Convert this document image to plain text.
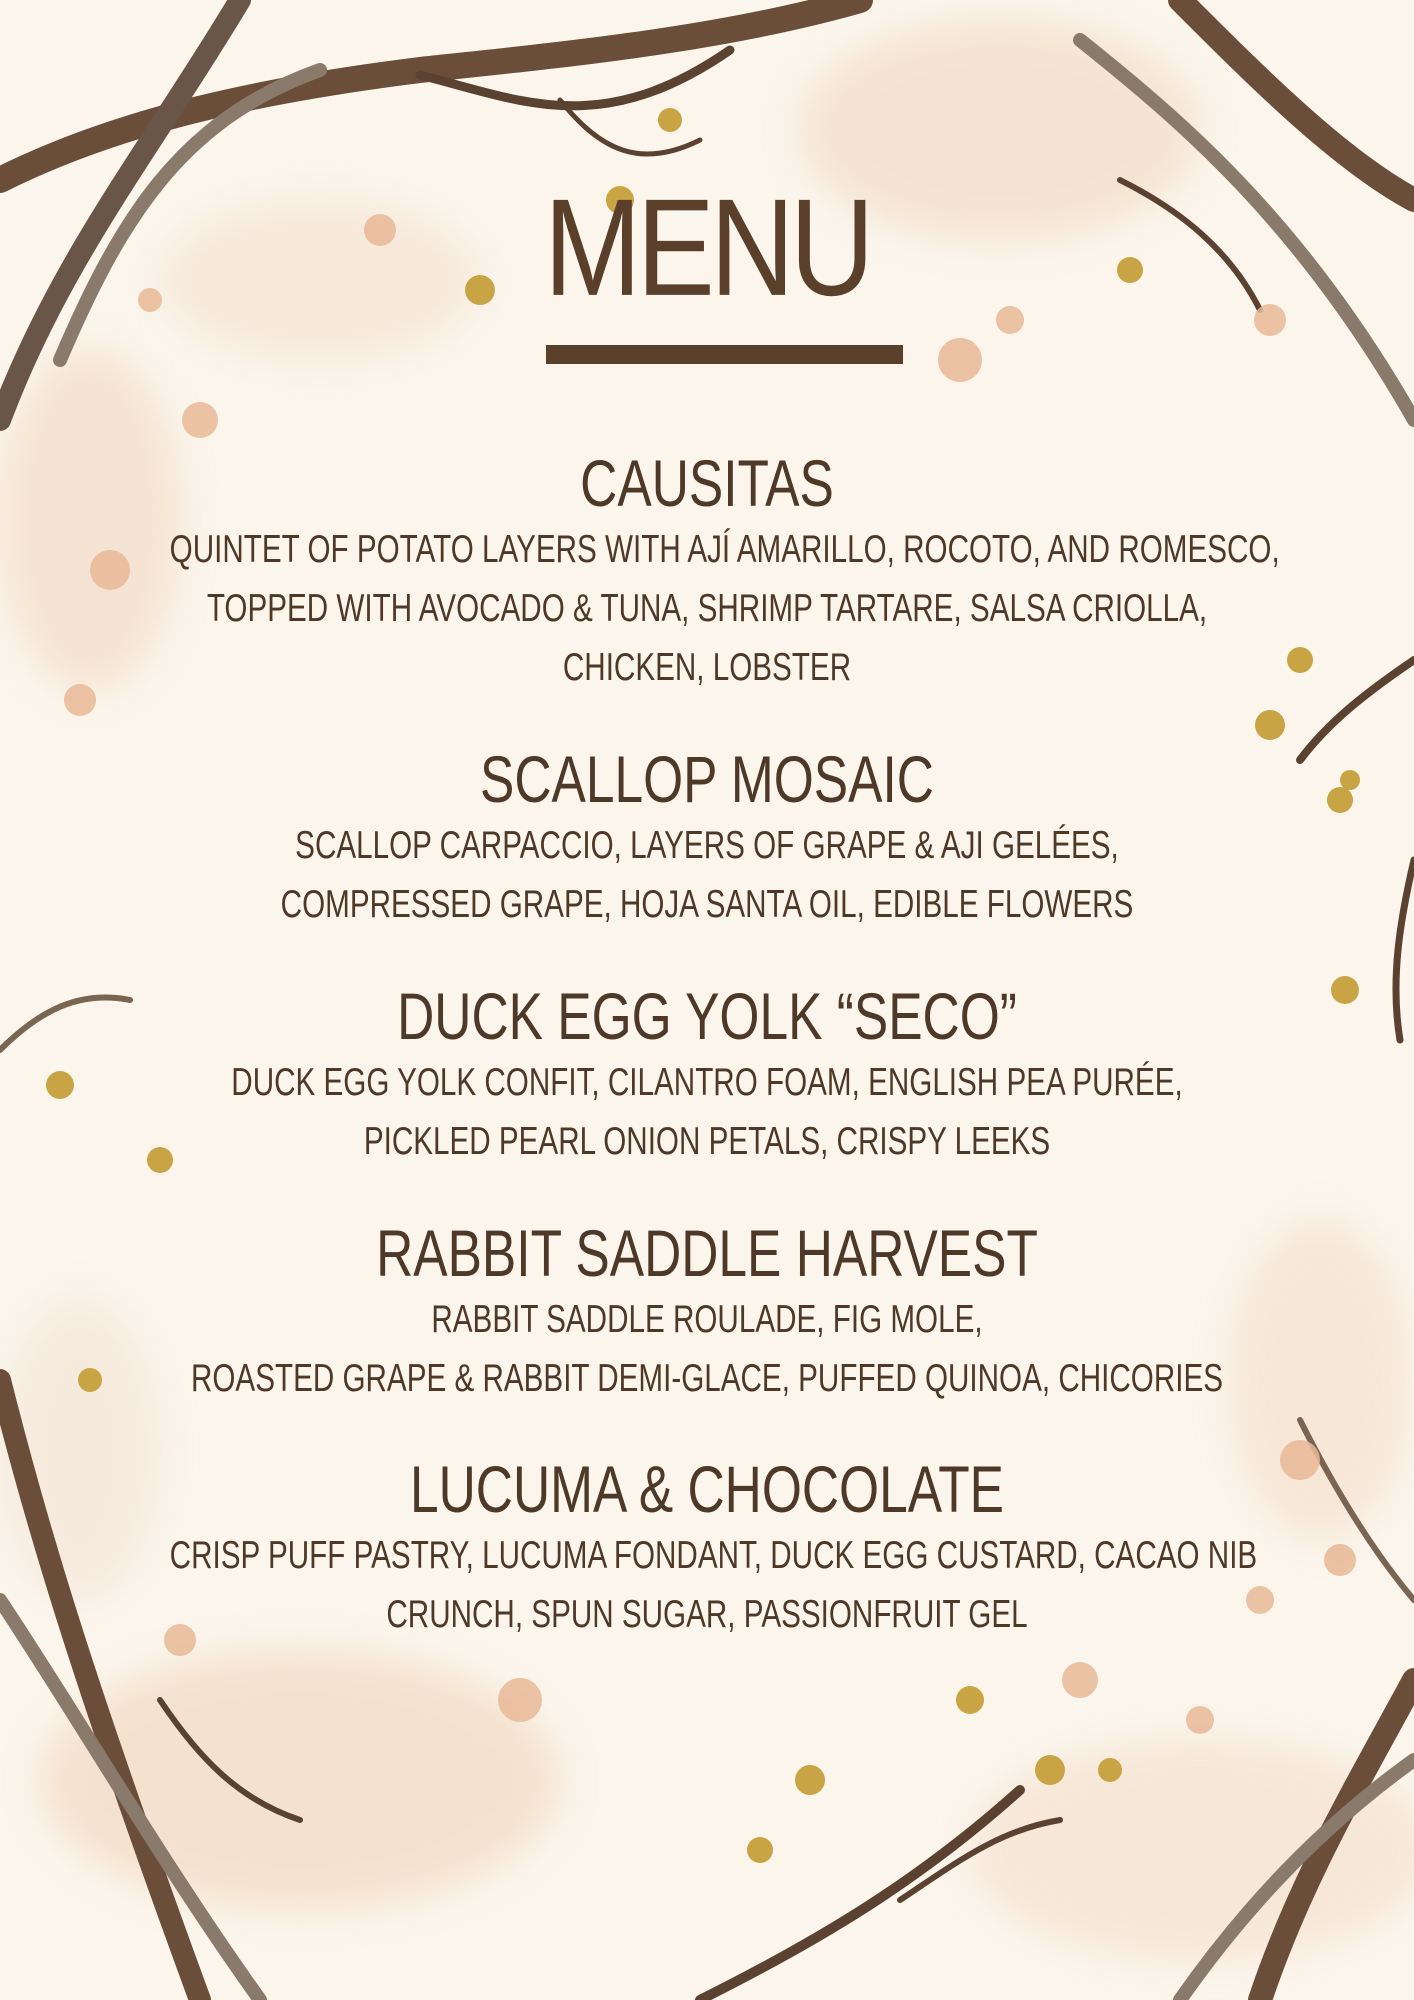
MENU
CAUSITAS
QUINTET OF POTATO LAYERS WITH AJÍ AMARILLO, ROCOTO, AND ROMESCO,
TOPPED WITH AVOCADO & TUNA, SHRIMP TARTARE, SALSA CRIOLLA,
CHICKEN, LOBSTER
SCALLOP MOSAIC
SCALLOP CARPACCIO, LAYERS OF GRAPE & AJI GELÉES,
COMPRESSED GRAPE, HOJA SANTA OIL, EDIBLE FLOWERS
DUCK EGG YOLK “SECO”
DUCK EGG YOLK CONFIT, CILANTRO FOAM, ENGLISH PEA PURÉE,
PICKLED PEARL ONION PETALS, CRISPY LEEKS
RABBIT SADDLE HARVEST
RABBIT SADDLE ROULADE, FIG MOLE,
ROASTED GRAPE & RABBIT DEMI-GLACE, PUFFED QUINOA, CHICORIES
LUCUMA & CHOCOLATE
CRISP PUFF PASTRY, LUCUMA FONDANT, DUCK EGG CUSTARD, CACAO NIB
CRUNCH, SPUN SUGAR, PASSIONFRUIT GEL
